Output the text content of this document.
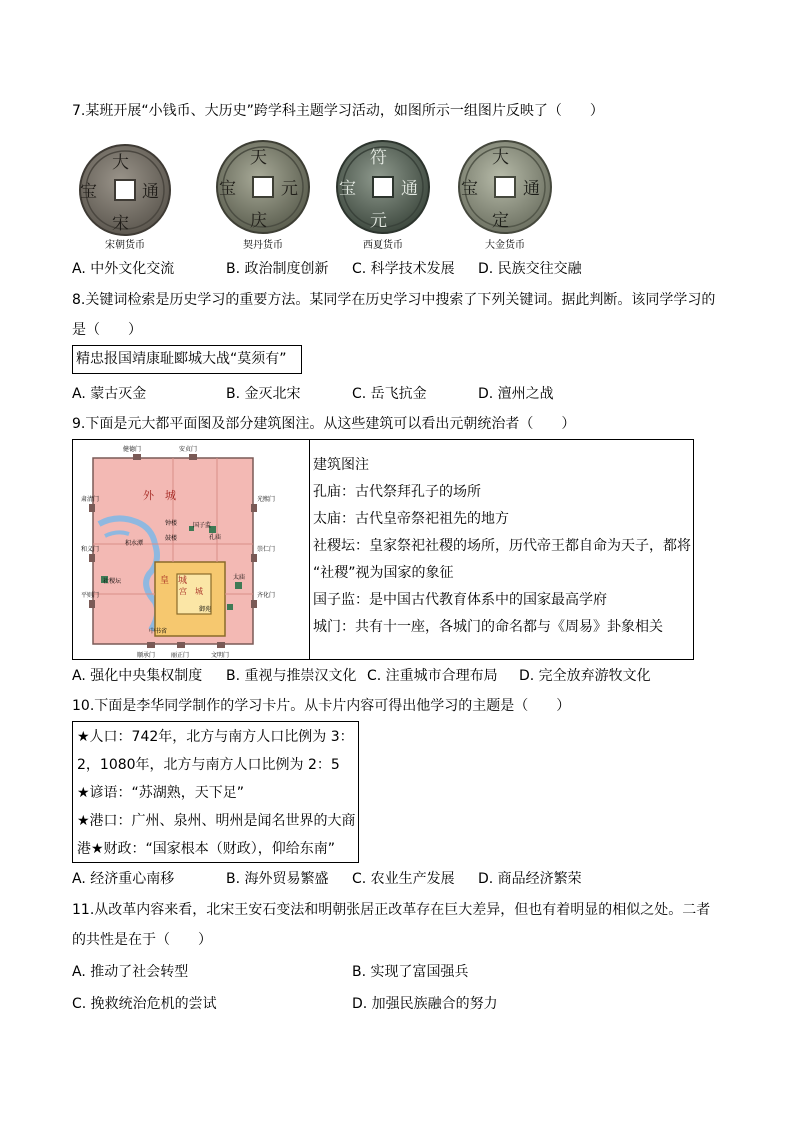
7.某班开展“小钱币、大历史”跨学科主题学习活动，如图所示一组图片反映了（　　）
大
宋
通
宝
宋朝货币
天
庆
元
宝
契丹货币
符
元
通
宝
西夏货币
大
定
通
宝
大金货币
A. 中外文化交流	B. 政治制度创新 C. 科学技术发展 D. 民族交往交融
8.关键词检索是历史学习的重要方法。某同学在历史学习中搜索了下列关键词。据此判断。该同学学习的
是（　　）
精忠报国靖康耻郾城大战“莫须有”
A. 蒙古灭金	B. 金灭北宋	C. 岳飞抗金	D. 澶州之战
9.下面是元大都平面图及部分建筑图注。从这些建筑可以看出元朝统治者（　　）
外　城
皇　城
宫　城
健德门	安贞门
肃清门	光熙门
和义门	崇仁门
平则门	齐化门
顺承门	丽正门	文明门
钟楼
鼓楼
国子监
孔庙
社稷坛
太庙
中书省
积水潭
御苑
建筑图注
孔庙：古代祭拜孔子的场所
太庙：古代皇帝祭祀祖先的地方
社稷坛：皇家祭祀社稷的场所，历代帝王都自命为天子，都将
“社稷”视为国家的象征
国子监：是中国古代教育体系中的国家最高学府
城门：共有十一座，各城门的命名都与《周易》卦象相关
A. 强化中央集权制度 B. 重视与推崇汉文化 C. 注重城市合理布局 D. 完全放弃游牧文化
10.下面是李华同学制作的学习卡片。从卡片内容可得出他学习的主题是（　　）
★人口：742年，北方与南方人口比例为 3：
2，1080年，北方与南方人口比例为 2：5
★谚语：“苏湖熟，天下足”
★港口：广州、泉州、明州是闻名世界的大商
港★财政：“国家根本（财政），仰给东南”
A. 经济重心南移	B. 海外贸易繁盛 C. 农业生产发展 D. 商品经济繁荣
11.从改革内容来看，北宋王安石变法和明朝张居正改革存在巨大差异，但也有着明显的相似之处。二者
的共性是在于（　　）
A. 推动了社会转型	B. 实现了富国强兵
C. 挽救统治危机的尝试	D. 加强民族融合的努力
